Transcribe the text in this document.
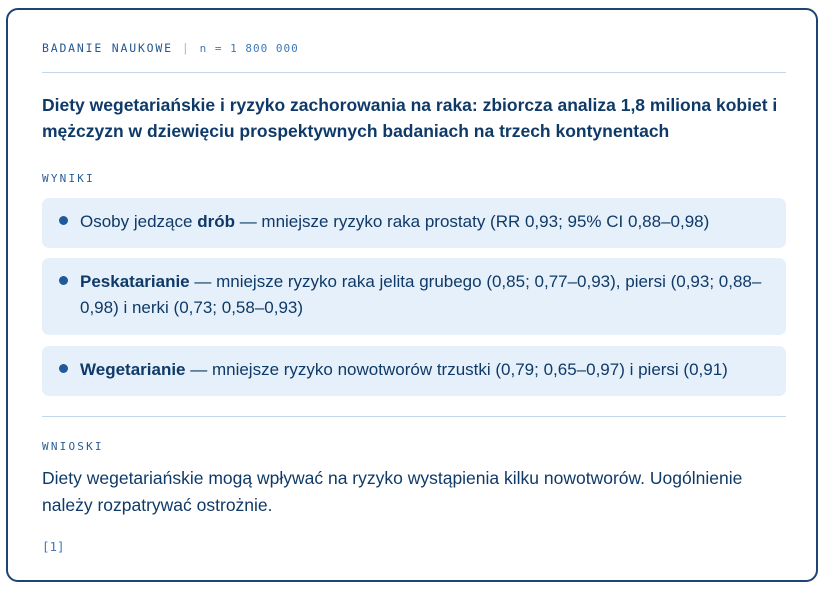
BADANIE NAUKOWE | n = 1 800 000
Diety wegetariańskie i ryzyko zachorowania na raka: zbiorcza analiza 1,8 miliona kobiet i mężczyzn w dziewięciu prospektywnych badaniach na trzech kontynentach
WYNIKI
Osoby jedzące drób — mniejsze ryzyko raka prostaty (RR 0,93; 95% CI 0,88–0,98)
Peskatarianie — mniejsze ryzyko raka jelita grubego (0,85; 0,77–0,93), piersi (0,93; 0,88–0,98) i nerki (0,73; 0,58–0,93)
Wegetarianie — mniejsze ryzyko nowotworów trzustki (0,79; 0,65–0,97) i piersi (0,91)
WNIOSKI
Diety wegetariańskie mogą wpływać na ryzyko wystąpienia kilku nowotworów. Uogólnienie należy rozpatrywać ostrożnie.
[1]
